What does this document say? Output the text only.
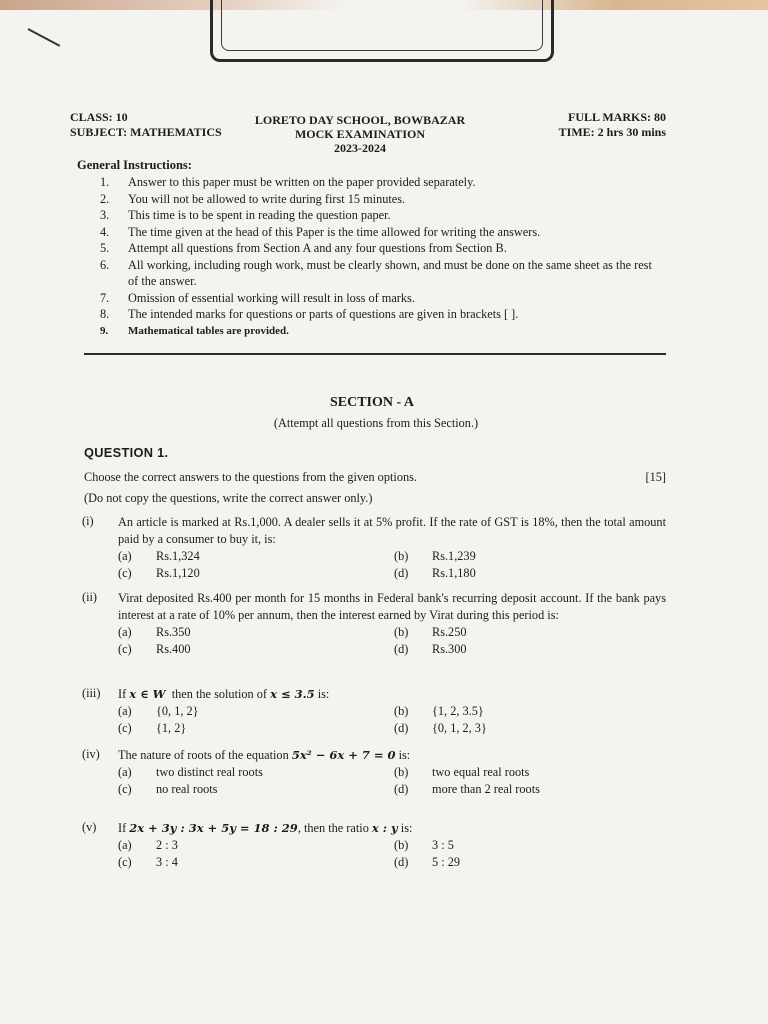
CLASS: 10
SUBJECT: MATHEMATICS
LORETO DAY SCHOOL, BOWBAZAR
MOCK EXAMINATION
2023-2024
FULL MARKS: 80
TIME: 2 hrs 30 mins
General Instructions:
1.	Answer to this paper must be written on the paper provided separately.
2.	You will not be allowed to write during first 15 minutes.
3.	This time is to be spent in reading the question paper.
4.	The time given at the head of this Paper is the time allowed for writing the answers.
5.	Attempt all questions from Section A and any four questions from Section B.
6.	All working, including rough work, must be clearly shown, and must be done on the same sheet as the rest of the answer.
7.	Omission of essential working will result in loss of marks.
8.	The intended marks for questions or parts of questions are given in brackets [ ].
9.	Mathematical tables are provided.
SECTION - A
(Attempt all questions from this Section.)
QUESTION 1.
Choose the correct answers to the questions from the given options.	[15]
(Do not copy the questions, write the correct answer only.)
(i) An article is marked at Rs.1,000. A dealer sells it at 5% profit. If the rate of GST is 18%, then the total amount paid by a consumer to buy it, is:
(a) Rs.1,324	(b) Rs.1,239
(c) Rs.1,120	(d) Rs.1,180
(ii) Virat deposited Rs.400 per month for 15 months in Federal bank's recurring deposit account. If the bank pays interest at a rate of 10% per annum, then the interest earned by Virat during this period is:
(a) Rs.350	(b) Rs.250
(c) Rs.400	(d) Rs.300
(iii) If x ∈ W then the solution of x ≤ 3.5 is:
(a) {0, 1, 2}	(b) {1, 2, 3.5}
(c) {1, 2}	(d) {0, 1, 2, 3}
(iv) The nature of roots of the equation 5x² − 6x + 7 = 0 is:
(a) two distinct real roots	(b) two equal real roots
(c) no real roots	(d) more than 2 real roots
(v) If 2x + 3y : 3x + 5y = 18 : 29, then the ratio x : y is:
(a) 2 : 3	(b) 3 : 5
(c) 3 : 4	(d) 5 : 29
